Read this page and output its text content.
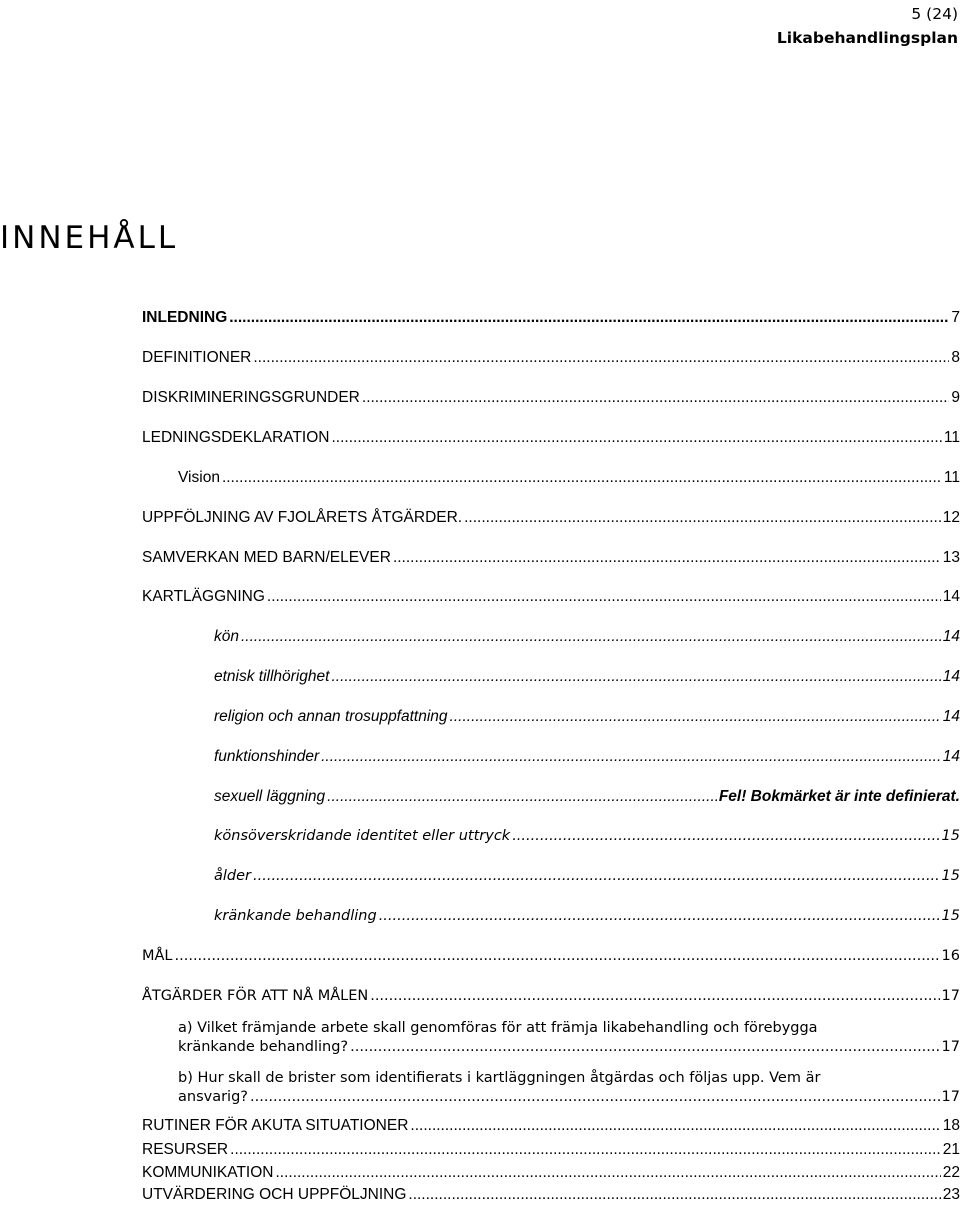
5 (24)
Likabehandlingsplan
INNEHÅLL
INLEDNING .....	7
DEFINITIONER .....	8
DISKRIMINERINGSGRUNDER .....	9
LEDNINGSDEKLARATION .....	11
Vision .....	11
UPPFÖLJNING AV FJOLÅRETS ÅTGÄRDER. .....	12
SAMVERKAN MED BARN/ELEVER .....	13
KARTLÄGGNING .....	14
kön .....	14
etnisk tillhörighet .....	14
religion och annan trosuppfattning .....	14
funktionshinder .....	14
sexuell läggning .....	Fel! Bokmärket är inte definierat.
könsöverskridande identitet eller uttryck .....	15
ålder .....	15
kränkande behandling .....	15
MÅL .....	16
ÅTGÄRDER FÖR ATT NÅ MÅLEN .....	17
a) Vilket främjande arbete skall genomföras för att främja likabehandling och förebygga
kränkande behandling? .....	17
b) Hur skall de brister som identifierats i kartläggningen åtgärdas och följas upp. Vem är
ansvarig? .....	17
RUTINER FÖR AKUTA SITUATIONER .....	18
RESURSER .....	21
KOMMUNIKATION .....	22
UTVÄRDERING OCH UPPFÖLJNING .....	23
